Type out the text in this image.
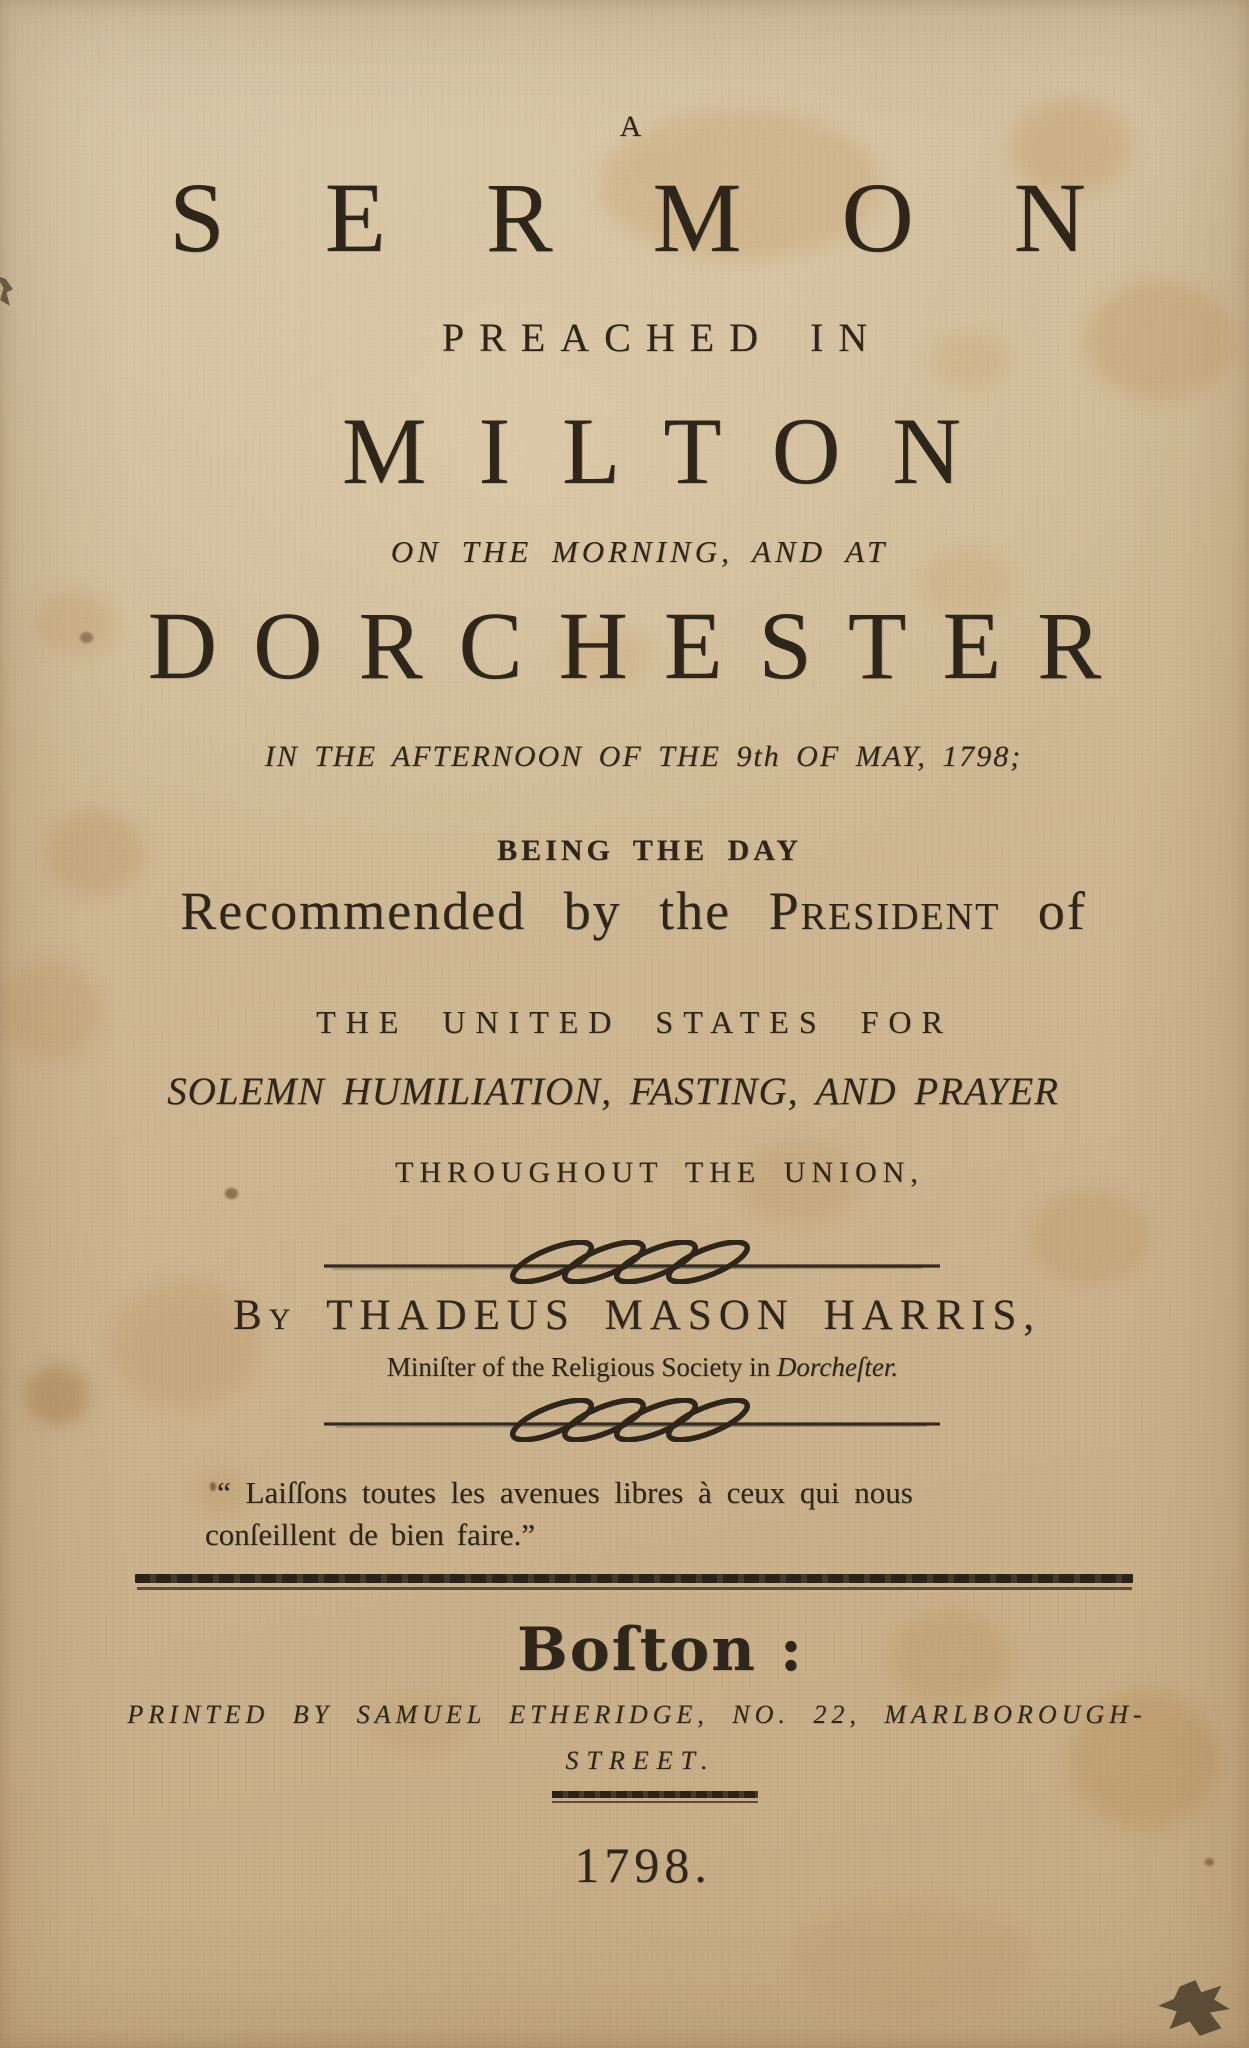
A
SERMON
PREACHED IN
MILTON
ON THE MORNING, AND AT
DORCHESTER
IN THE AFTERNOON OF THE 9th OF MAY, 1798;
BEING THE DAY
Recommended by the President of
THE UNITED STATES FOR
SOLEMN HUMILIATION, FASTING, AND PRAYER
THROUGHOUT THE UNION,
By THADEUS MASON HARRIS,
Miniſter of the Religious Society in Dorcheſter.
“ Laiſſons toutes les avenues libres à ceux qui nous
conſeillent de bien faire.”
Boſton :
PRINTED BY SAMUEL ETHERIDGE, NO. 22, MARLBOROUGH-
STREET.
1798.
